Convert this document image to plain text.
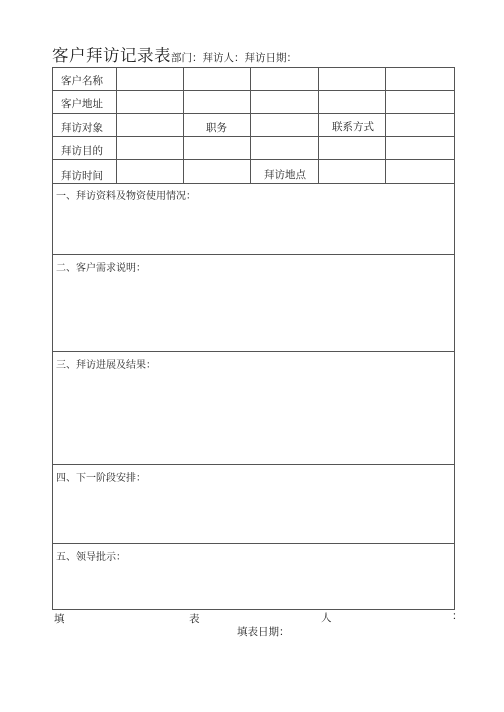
客户拜访记录表部门：拜访人：拜访日期：
客户名称
客户地址
拜访对象	职务	联系方式
拜访目的
拜访时间	拜访地点
一、拜访资料及物资使用情况：
二、客户需求说明：
三、拜访进展及结果：
四、下一阶段安排：
五、领导批示：
填	表	人	：
填表日期：
